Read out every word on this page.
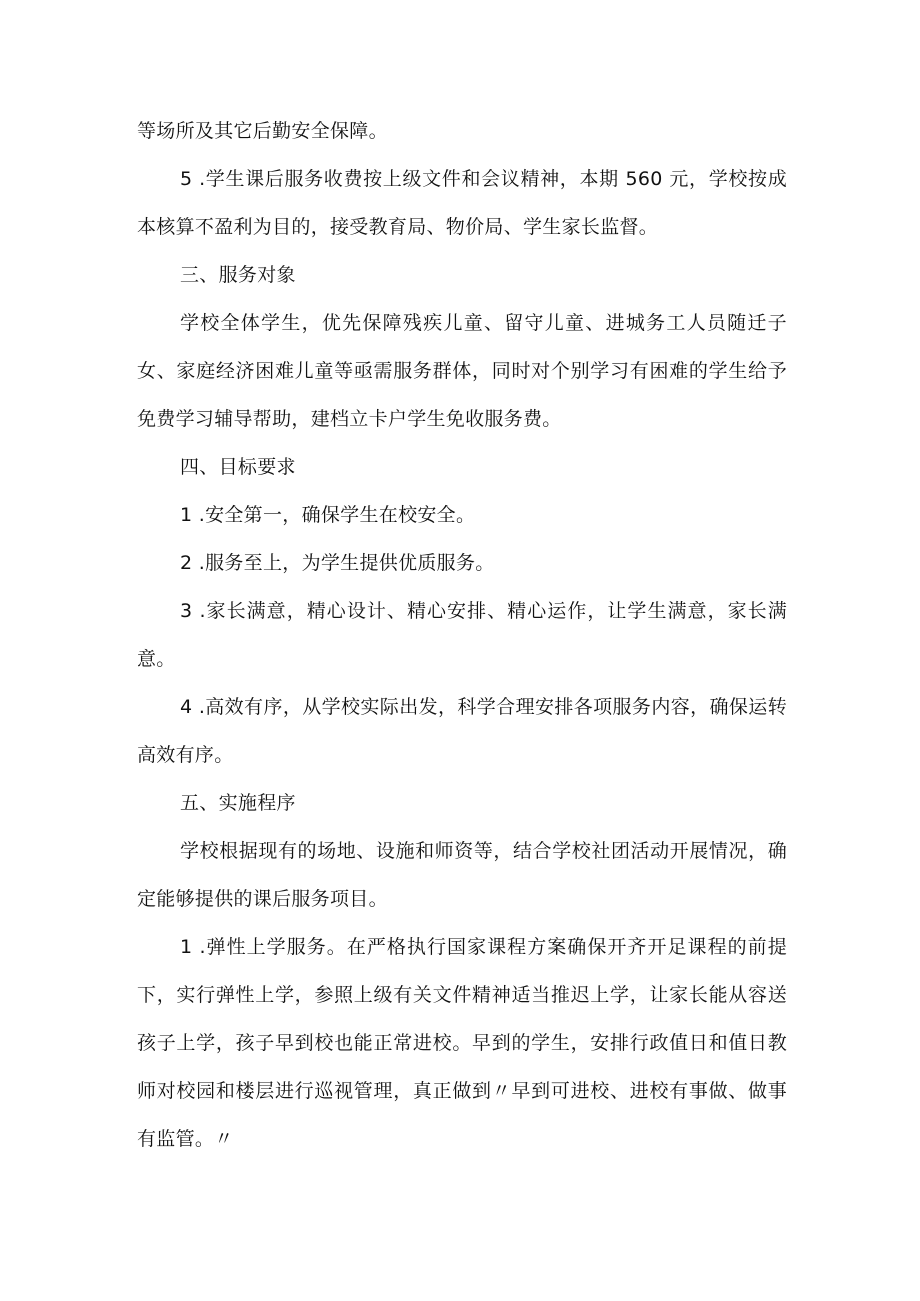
等场所及其它后勤安全保障。

5 .学生课后服务收费按上级文件和会议精神，本期 560 元，学校按成本核算不盈利为目的，接受教育局、物价局、学生家长监督。

三、服务对象

学校全体学生，优先保障残疾儿童、留守儿童、进城务工人员随迁子女、家庭经济困难儿童等亟需服务群体，同时对个别学习有困难的学生给予免费学习辅导帮助，建档立卡户学生免收服务费。

四、目标要求

1 .安全第一，确保学生在校安全。

2 .服务至上，为学生提供优质服务。

3 .家长满意，精心设计、精心安排、精心运作，让学生满意，家长满意。

4 .高效有序，从学校实际出发，科学合理安排各项服务内容，确保运转高效有序。

五、实施程序

学校根据现有的场地、设施和师资等，结合学校社团活动开展情况，确定能够提供的课后服务项目。

1 .弹性上学服务。在严格执行国家课程方案确保开齐开足课程的前提下，实行弹性上学，参照上级有关文件精神适当推迟上学，让家长能从容送孩子上学，孩子早到校也能正常进校。早到的学生，安排行政值日和值日教师对校园和楼层进行巡视管理，真正做到〃早到可进校、进校有事做、做事有监管。〃
